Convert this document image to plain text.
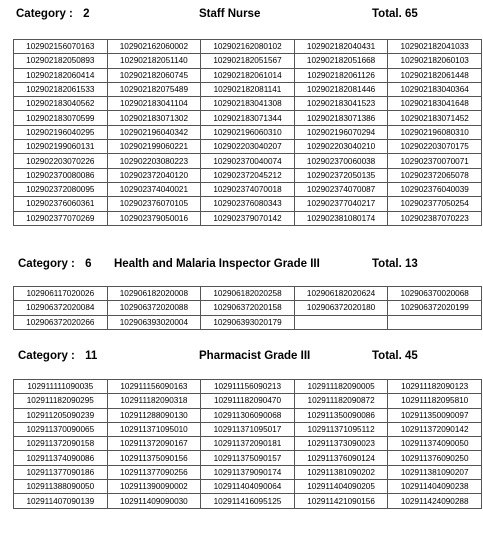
Category : 2	Staff Nurse	Total. 65
102902156070163	102902162060002	102902162080102	102902182040431	102902182041033
102902182050893	102902182051140	102902182051567	102902182051668	102902182060103
102902182060414	102902182060745	102902182061014	102902182061126	102902182061448
102902182061533	102902182075489	102902182081141	102902182081446	102902183040364
102902183040562	102902183041104	102902183041308	102902183041523	102902183041648
102902183070599	102902183071302	102902183071344	102902183071386	102902183071452
102902196040295	102902196040342	102902196060310	102902196070294	102902196080310
102902199060131	102902199060221	102902203040207	102902203040210	102902203070175
102902203070226	102902203080223	102902370040074	102902370060038	102902370070071
102902370080086	102902372040120	102902372045212	102902372050135	102902372065078
102902372080095	102902374040021	102902374070018	102902374070087	102902376040039
102902376060361	102902376070105	102902376080343	102902377040217	102902377050254
102902377070269	102902379050016	102902379070142	102902381080174	102902387070223
Category : 6 Health and Malaria Inspector Grade III	Total. 13
102906117020026	102906182020008	102906182020258	102906182020624	102906370020068
102906372020084	102906372020088	102906372020158	102906372020180	102906372020199
102906372020266	102906393020004	102906393020179		
Category : 11	Pharmacist Grade III	Total. 45
102911111090035	102911156090163	102911156090213	102911182090005	102911182090123
102911182090295	102911182090318	102911182090470	102911182090872	102911182095810
102911205090239	102911288090130	102911306090068	102911350090086	102911350090097
102911370090065	102911371095010	102911371095017	102911371095112	102911372090142
102911372090158	102911372090167	102911372090181	102911373090023	102911374090050
102911374090086	102911375090156	102911375090157	102911376090124	102911376090250
102911377090186	102911377090256	102911379090174	102911381090202	102911381090207
102911388090050	102911390090002	102911404090064	102911404090205	102911404090238
102911407090139	102911409090030	102911416095125	102911421090156	102911424090288
